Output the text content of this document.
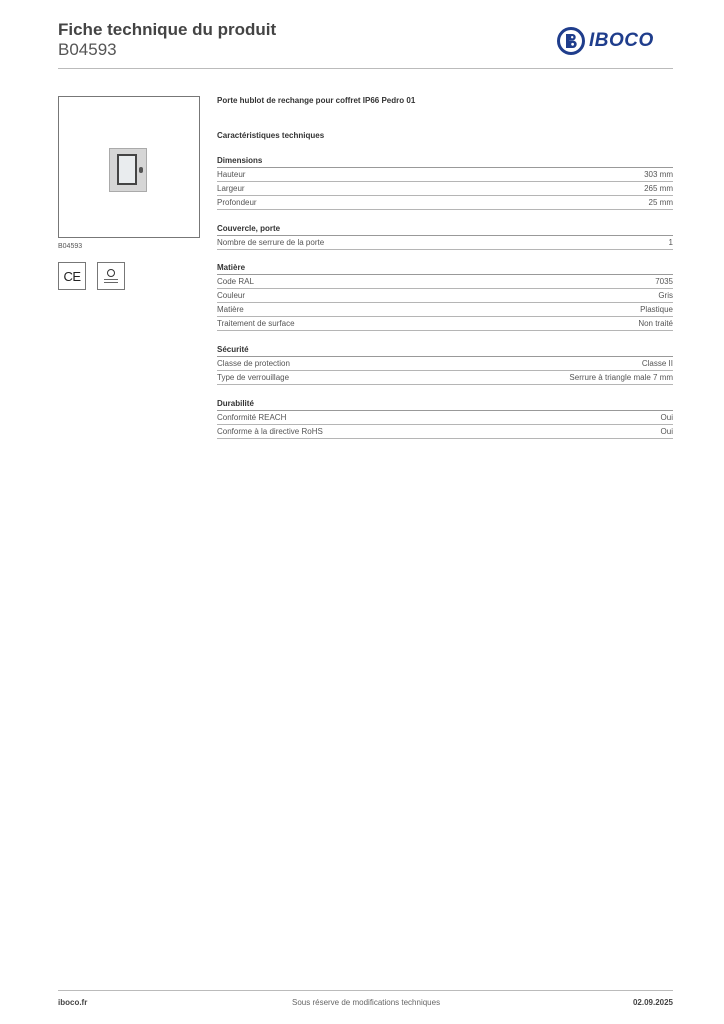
Fiche technique du produit
B04593	IBOCO
B04593
CE
Porte hublot de rechange pour coffret IP66 Pedro 01
Caractéristiques techniques
Dimensions
Hauteur	303 mm
Largeur	265 mm
Profondeur	25 mm
Couvercle, porte
Nombre de serrure de la porte	1
Matière
Code RAL	7035
Couleur	Gris
Matière	Plastique
Traitement de surface	Non traité
Sécurité
Classe de protection	Classe II
Type de verrouillage	Serrure à triangle male 7 mm
Durabilité
Conformité REACH	Oui
Conforme à la directive RoHS	Oui
iboco.fr	Sous réserve de modifications techniques	02.09.2025
